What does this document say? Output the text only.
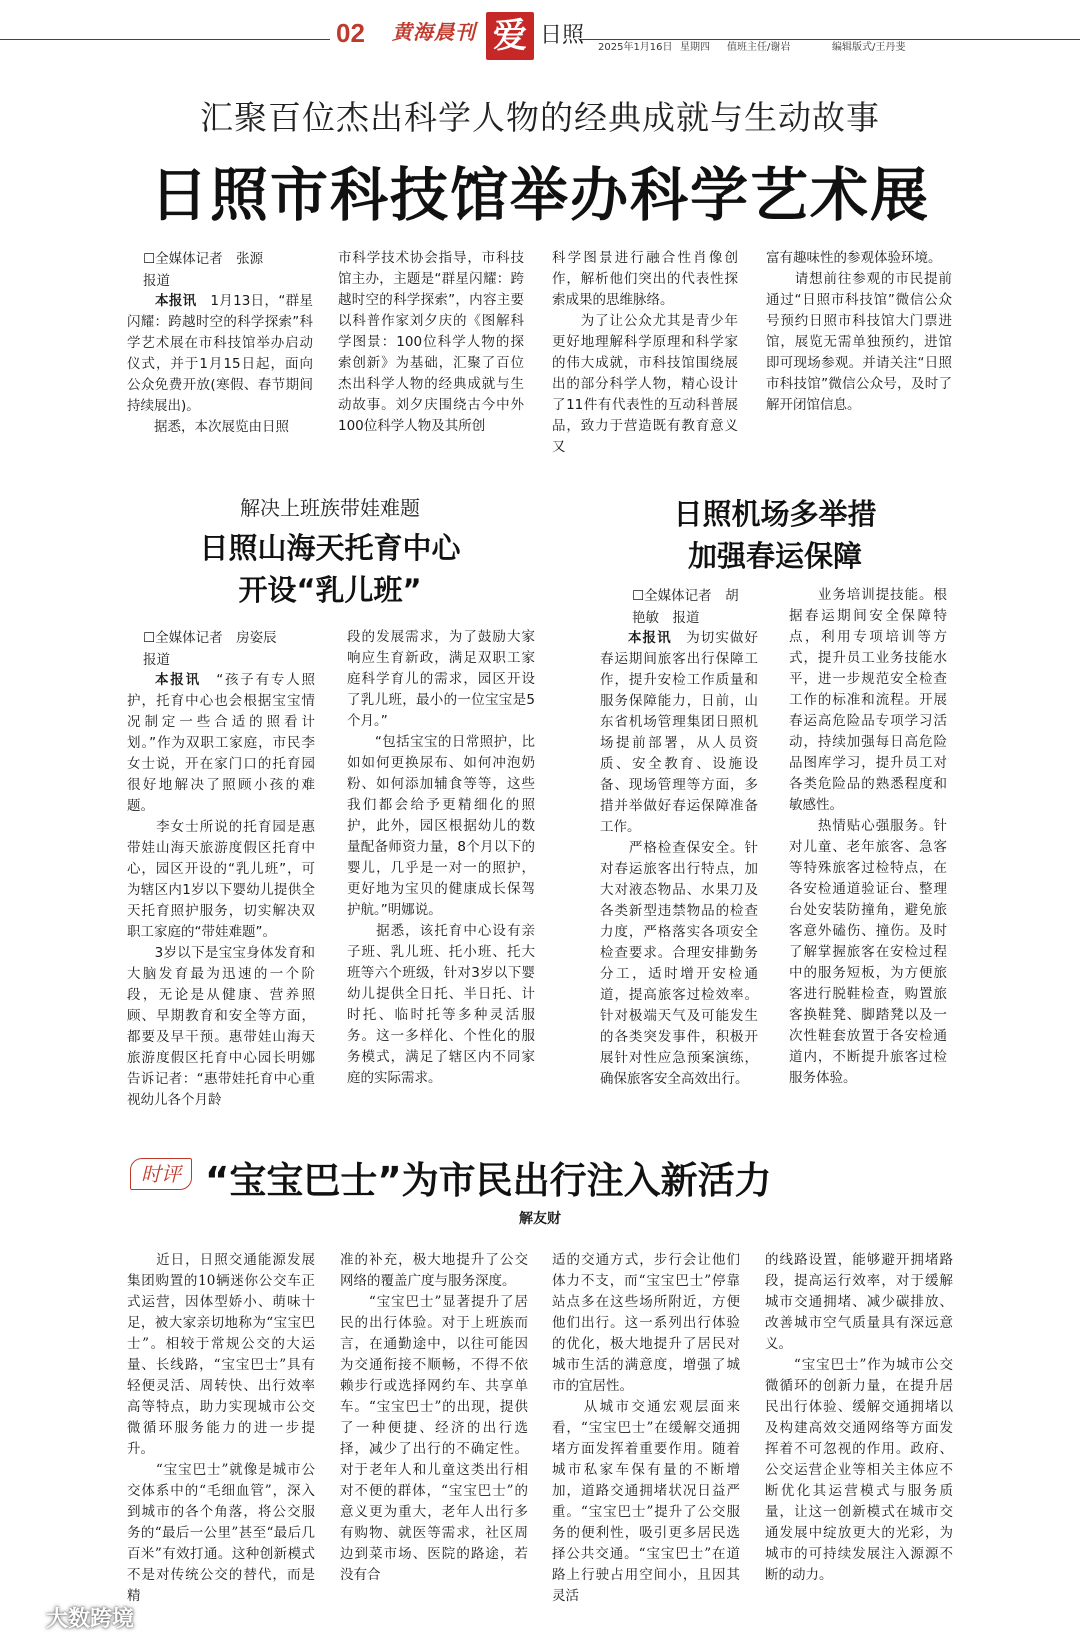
02 黄海晨刊 爱 日照 2025年1月16日 星期四 值班主任/谢岩	编辑版式/王丹斐
汇聚百位杰出科学人物的经典成就与生动故事
日照市科技馆举办科学艺术展
☐全媒体记者　张源
报道
本报讯　1月13日，“群星闪耀：跨越时空的科学探索”科学艺术展在市科技馆举办启动仪式，并于1月15日起，面向公众免费开放(寒假、春节期间持续展出)。
　　据悉，本次展览由日照
市科学技术协会指导，市科技馆主办，主题是“群星闪耀：跨越时空的科学探索”，内容主要以科普作家刘夕庆的《图解科学图景：100位科学人物的探索创新》为基础，汇聚了百位杰出科学人物的经典成就与生动故事。刘夕庆围绕古今中外100位科学人物及其所创
科学图景进行融合性肖像创作，解析他们突出的代表性探索成果的思维脉络。
　　为了让公众尤其是青少年更好地理解科学原理和科学家的伟大成就，市科技馆围绕展出的部分科学人物，精心设计了11件有代表性的互动科普展品，致力于营造既有教育意义又
富有趣味性的参观体验环境。
　　请想前往参观的市民提前通过“日照市科技馆”微信公众号预约日照市科技馆大门票进馆，展览无需单独预约，进馆即可现场参观。并请关注“日照市科技馆”微信公众号，及时了解开闭馆信息。
解决上班族带娃难题
日照山海天托育中心
开设“乳儿班”
☐全媒体记者　房姿辰
报道
本报讯　“孩子有专人照护，托育中心也会根据宝宝情况制定一些合适的照看计划。”作为双职工家庭，市民李女士说，开在家门口的托育园很好地解决了照顾小孩的难题。
　　李女士所说的托育园是惠带娃山海天旅游度假区托育中心，园区开设的“乳儿班”，可为辖区内1岁以下婴幼儿提供全天托育照护服务，切实解决双职工家庭的“带娃难题”。
　　3岁以下是宝宝身体发育和大脑发育最为迅速的一个阶段，无论是从健康、营养照顾、早期教育和安全等方面，都要及早干预。惠带娃山海天旅游度假区托育中心园长明娜告诉记者：“惠带娃托育中心重视幼儿各个月龄
段的发展需求，为了鼓励大家响应生育新政，满足双职工家庭科学育儿的需求，园区开设了乳儿班，最小的一位宝宝是5个月。”
　　“包括宝宝的日常照护，比如如何更换尿布、如何冲泡奶粉、如何添加辅食等等，这些我们都会给予更精细化的照护，此外，园区根据幼儿的数量配备师资力量，8个月以下的婴儿，几乎是一对一的照护，更好地为宝贝的健康成长保驾护航。”明娜说。
　　据悉，该托育中心设有亲子班、乳儿班、托小班、托大班等六个班级，针对3岁以下婴幼儿提供全日托、半日托、计时托、临时托等多种灵活服务。这一多样化、个性化的服务模式，满足了辖区内不同家庭的实际需求。
日照机场多举措
加强春运保障
☐全媒体记者　胡
艳敏　报道
本报讯　为切实做好春运期间旅客出行保障工作，提升安检工作质量和服务保障能力，日前，山东省机场管理集团日照机场提前部署，从人员资质、安全教育、设施设备、现场管理等方面，多措并举做好春运保障准备工作。
　　严格检查保安全。针对春运旅客出行特点，加大对液态物品、水果刀及各类新型违禁物品的检查力度，严格落实各项安全检查要求。合理安排勤务分工，适时增开安检通道，提高旅客过检效率。针对极端天气及可能发生的各类突发事件，积极开展针对性应急预案演练，确保旅客安全高效出行。
　　业务培训提技能。根据春运期间安全保障特点，利用专项培训等方式，提升员工业务技能水平，进一步规范安全检查工作的标准和流程。开展春运高危险品专项学习活动，持续加强每日高危险品图库学习，提升员工对各类危险品的熟悉程度和敏感性。
　　热情贴心强服务。针对儿童、老年旅客、急客等特殊旅客过检特点，在各安检通道验证台、整理台处安装防撞角，避免旅客意外磕伤、撞伤。及时了解掌握旅客在安检过程中的服务短板，为方便旅客进行脱鞋检查，购置旅客换鞋凳、脚踏凳以及一次性鞋套放置于各安检通道内，不断提升旅客过检服务体验。
时评 “宝宝巴士”为市民出行注入新活力
解友财
　　近日，日照交通能源发展集团购置的10辆迷你公交车正式运营，因体型娇小、萌味十足，被大家亲切地称为“宝宝巴士”。相较于常规公交的大运量、长线路，“宝宝巴士”具有轻便灵活、周转快、出行效率高等特点，助力实现城市公交微循环服务能力的进一步提升。
　　“宝宝巴士”就像是城市公交体系中的“毛细血管”，深入到城市的各个角落，将公交服务的“最后一公里”甚至“最后几百米”有效打通。这种创新模式不是对传统公交的替代，而是精
准的补充，极大地提升了公交网络的覆盖广度与服务深度。
　　“宝宝巴士”显著提升了居民的出行体验。对于上班族而言，在通勤途中，以往可能因为交通衔接不顺畅，不得不依赖步行或选择网约车、共享单车。“宝宝巴士”的出现，提供了一种便捷、经济的出行选择，减少了出行的不确定性。对于老年人和儿童这类出行相对不便的群体，“宝宝巴士”的意义更为重大，老年人出行多有购物、就医等需求，社区周边到菜市场、医院的路途，若没有合
适的交通方式，步行会让他们体力不支，而“宝宝巴士”停靠站点多在这些场所附近，方便他们出行。这一系列出行体验的优化，极大地提升了居民对城市生活的满意度，增强了城市的宜居性。
　　从城市交通宏观层面来看，“宝宝巴士”在缓解交通拥堵方面发挥着重要作用。随着城市私家车保有量的不断增加，道路交通拥堵状况日益严重。“宝宝巴士”提升了公交服务的便利性，吸引更多居民选择公共交通。“宝宝巴士”在道路上行驶占用空间小，且因其灵活
的线路设置，能够避开拥堵路段，提高运行效率，对于缓解城市交通拥堵、减少碳排放、改善城市空气质量具有深远意义。
　　“宝宝巴士”作为城市公交微循环的创新力量，在提升居民出行体验、缓解交通拥堵以及构建高效交通网络等方面发挥着不可忽视的作用。政府、公交运营企业等相关主体应不断优化其运营模式与服务质量，让这一创新模式在城市交通发展中绽放更大的光彩，为城市的可持续发展注入源源不断的动力。
大数跨境
